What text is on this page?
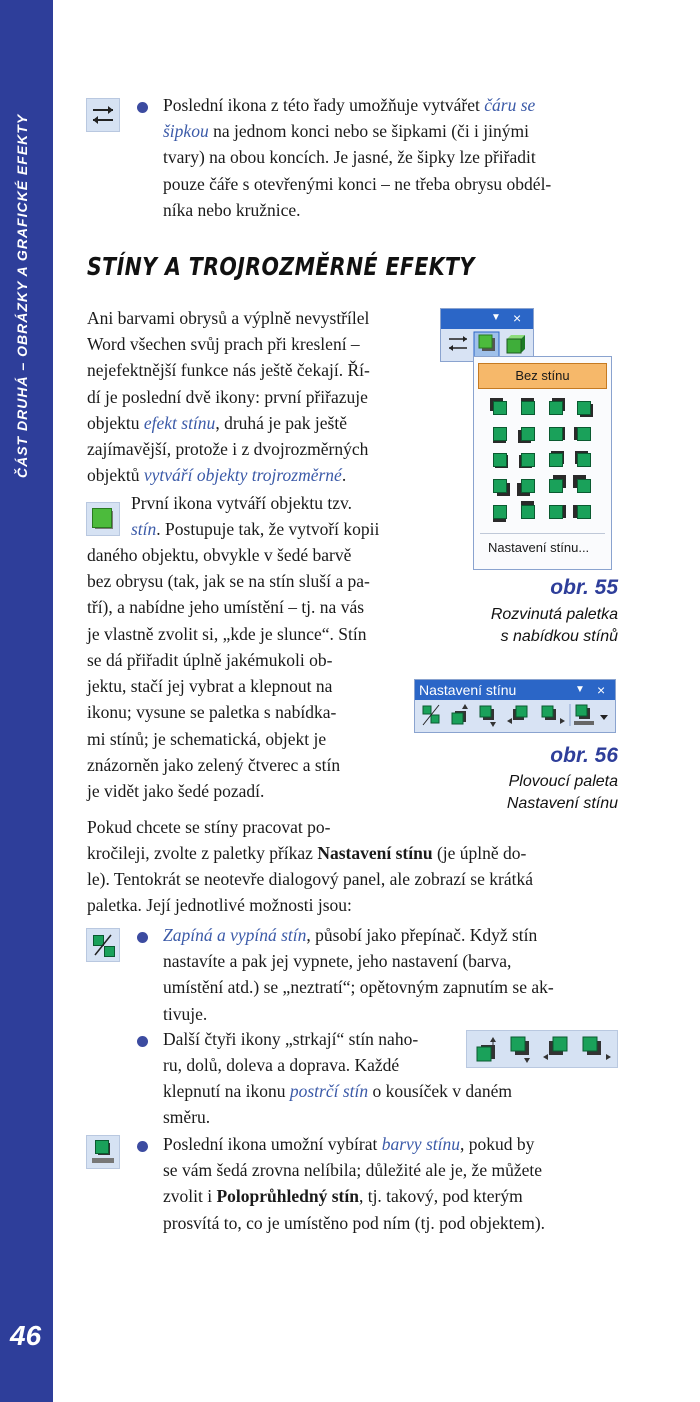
ČÁST DRUHÁ – OBRÁZKY A GRAFICKÉ EFEKTY
46

Poslední ikona z této řady umožňuje vytvářet čáru se

šipkou na jednom konci nebo se šipkami (či i jinými

tvary) na obou koncích. Je jasné, že šipky lze přiřadit

pouze čáře s otevřenými konci – ne třeba obrysu obdél-

níka nebo kružnice.

STÍNY A TROJROZMĚRNÉ EFEKTY

Ani barvami obrysů a výplně nevystřílel

Word všechen svůj prach při kreslení –

nejefektnější funkce nás ještě čekají. Ří-

dí je poslední dvě ikony: první přiřazuje

objektu efekt stínu, druhá je pak ještě

zajímavější, protože i z dvojrozměrných

objektů vytváří objekty trojrozměrné.

První ikona vytváří objektu tzv.

stín. Postupuje tak, že vytvoří kopii

daného objektu, obvykle v šedé barvě

bez obrysu (tak, jak se na stín sluší a pa-

tří), a nabídne jeho umístění – tj. na vás

je vlastně zvolit si, „kde je slunce“. Stín

se dá přiřadit úplně jakémukoli ob-

jektu, stačí jej vybrat a klepnout na

ikonu; vysune se paletka s nabídka-

mi stínů; je schematická, objekt je

znázorněn jako zelený čtverec a stín

je vidět jako šedé pozadí.

Pokud chcete se stíny pracovat po-

kročileji, zvolte z paletky příkaz Nastavení stínu (je úplně do-

le). Tentokrát se neotevře dialogový panel, ale zobrazí se krátká

paletka. Její jednotlivé možnosti jsou:

Zapíná a vypíná stín, působí jako přepínač. Když stín

nastavíte a pak jej vypnete, jeho nastavení (barva,

umístění atd.) se „neztratí“; opětovným zapnutím se ak-

tivuje.

Další čtyři ikony „strkají“ stín naho-

ru, dolů, doleva a doprava. Každé

klepnutí na ikonu postrčí stín o kousíček v daném

směru.

Poslední ikona umožní vybírat barvy stínu, pokud by

se vám šedá zrovna nelíbila; důležité ale je, že můžete

zvolit i Poloprůhledný stín, tj. takový, pod kterým

prosvítá to, co je umístěno pod ním (tj. pod objektem).

▼ ×
Bez stínu
Nastavení stínu...
obr. 55
Rozvinutá paletka
s nabídkou stínů
Nastavení stínu	▼ ×
obr. 56
Plovoucí paleta
Nastavení stínu
